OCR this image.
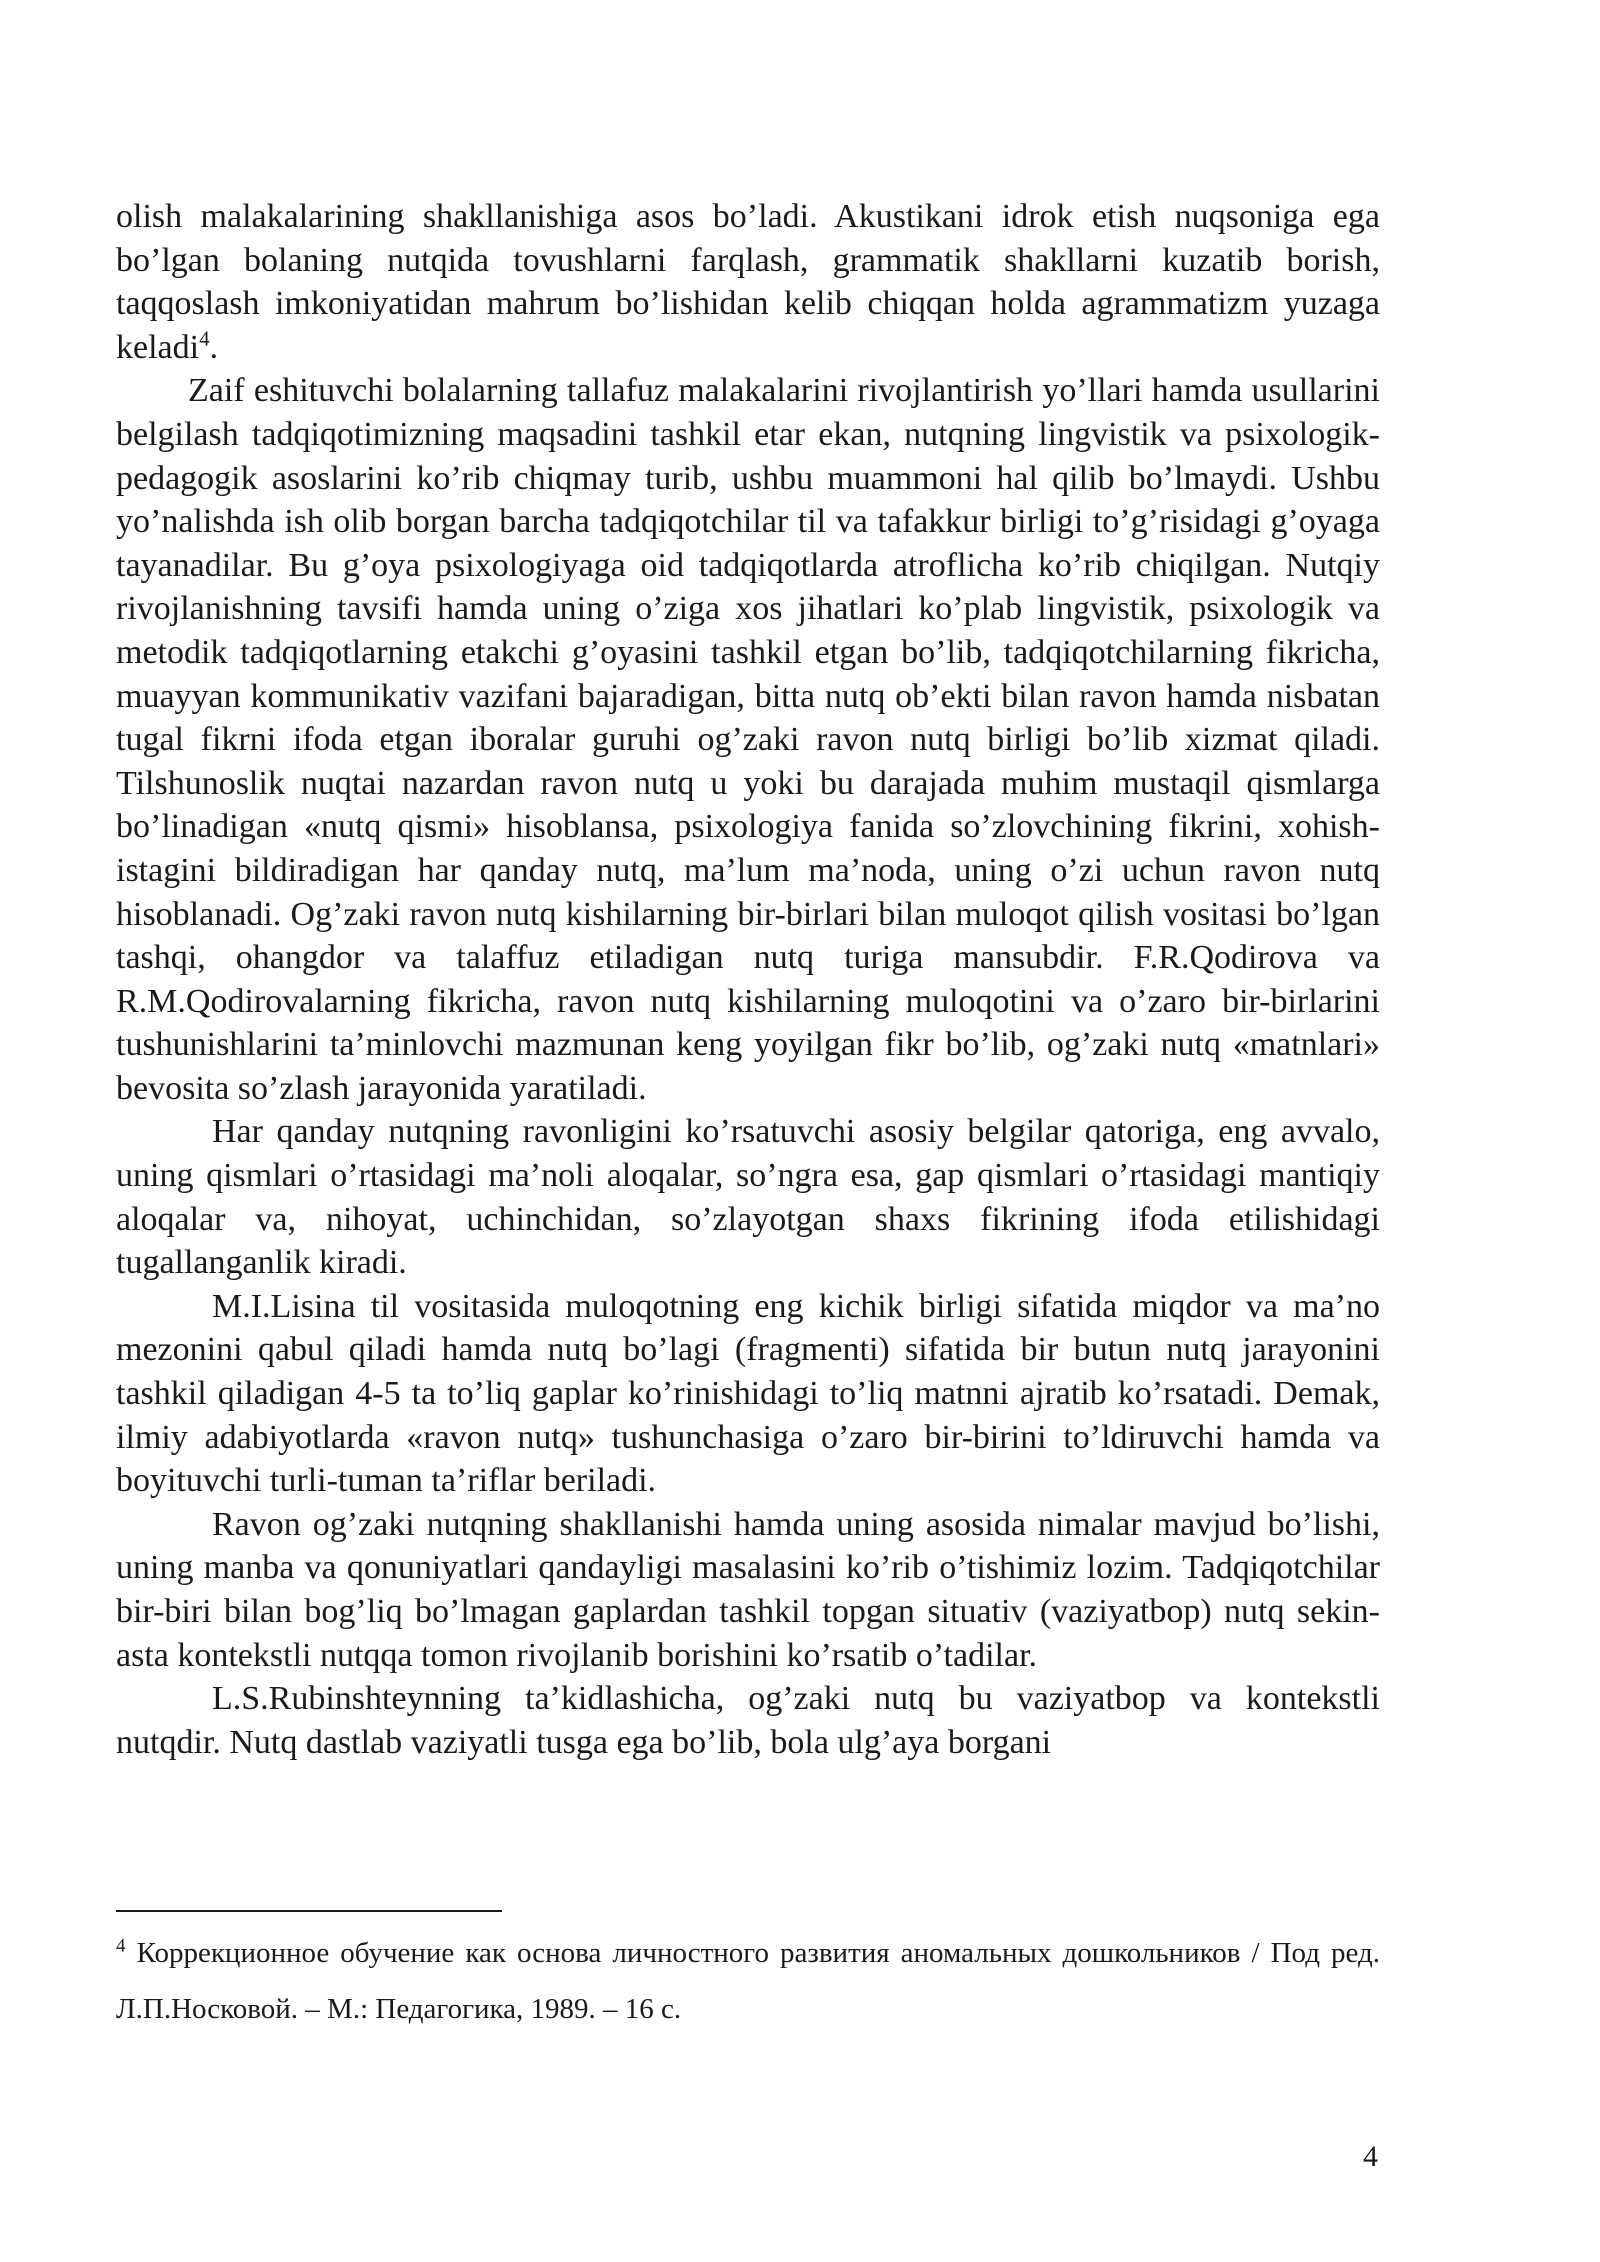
olish malakalarining shakllanishiga asos bo’ladi. Akustikani idrok etish nuqsoniga ega bo’lgan bolaning nutqida tovushlarni farqlash, grammatik shakllarni kuzatib borish, taqqoslash imkoniyatidan mahrum bo’lishidan kelib chiqqan holda agrammatizm yuzaga keladi$^4$.

Zaif eshituvchi bolalarning tallafuz malakalarini rivojlantirish yo’llari hamda usullarini belgilash tadqiqotimizning maqsadini tashkil etar ekan, nutqning lingvistik va psixologik-pedagogik asoslarini ko’rib chiqmay turib, ushbu muammoni hal qilib bo’lmaydi. Ushbu yo’nalishda ish olib borgan barcha tadqiqotchilar til va tafakkur birligi to’g’risidagi g’oyaga tayanadilar. Bu g’oya psixologiyaga oid tadqiqotlarda atroflicha ko’rib chiqilgan. Nutqiy rivojlanishning tavsifi hamda uning o’ziga xos jihatlari ko’plab lingvistik, psixologik va metodik tadqiqotlarning etakchi g’oyasini tashkil etgan bo’lib, tadqiqotchilarning fikricha, muayyan kommunikativ vazifani bajaradigan, bitta nutq ob’ekti bilan ravon hamda nisbatan tugal fikrni ifoda etgan iboralar guruhi og’zaki ravon nutq birligi bo’lib xizmat qiladi. Tilshunoslik nuqtai nazardan ravon nutq u yoki bu darajada muhim mustaqil qismlarga bo’linadigan «nutq qismi» hisoblansa, psixologiya fanida so’zlovchining fikrini, xohish-istagini bildiradigan har qanday nutq, ma’lum ma’noda, uning o’zi uchun ravon nutq hisoblanadi. Og’zaki ravon nutq kishilarning bir-birlari bilan muloqot qilish vositasi bo’lgan tashqi, ohangdor va talaffuz etiladigan nutq turiga mansubdir. F.R.Qodirova va R.M.Qodirovalarning fikricha, ravon nutq kishilarning muloqotini va o’zaro bir-birlarini tushunishlarini ta’minlovchi mazmunan keng yoyilgan fikr bo’lib, og’zaki nutq «matnlari» bevosita so’zlash jarayonida yaratiladi.

Har qanday nutqning ravonligini ko’rsatuvchi asosiy belgilar qatoriga, eng avvalo, uning qismlari o’rtasidagi ma’noli aloqalar, so’ngra esa, gap qismlari o’rtasidagi mantiqiy aloqalar va, nihoyat, uchinchidan, so’zlayotgan shaxs fikrining ifoda etilishidagi tugallanganlik kiradi.

M.I.Lisina til vositasida muloqotning eng kichik birligi sifatida miqdor va ma’no mezonini qabul qiladi hamda nutq bo’lagi (fragmenti) sifatida bir butun nutq jarayonini tashkil qiladigan 4-5 ta to’liq gaplar ko’rinishidagi to’liq matnni ajratib ko’rsatadi. Demak, ilmiy adabiyotlarda «ravon nutq» tushunchasiga o’zaro bir-birini to’ldiruvchi hamda va boyituvchi turli-tuman ta’riflar beriladi.

Ravon og’zaki nutqning shakllanishi hamda uning asosida nimalar mavjud bo’lishi, uning manba va qonuniyatlari qandayligi masalasini ko’rib o’tishimiz lozim. Tadqiqotchilar bir-biri bilan bog’liq bo’lmagan gaplardan tashkil topgan situativ (vaziyatbop) nutq sekin-asta kontekstli nutqqa tomon rivojlanib borishini ko’rsatib o’tadilar.

L.S.Rubinshteynning ta’kidlashicha, og’zaki nutq bu vaziyatbop va kontekstli nutqdir. Nutq dastlab vaziyatli tusga ega bo’lib, bola ulg’aya borgani

$^4$ Коррекционное обучение как основа личностного развития аномальных дошкольников / Под ред. Л.П.Носковой. – М.: Педагогика, 1989. – 16 с.

4
